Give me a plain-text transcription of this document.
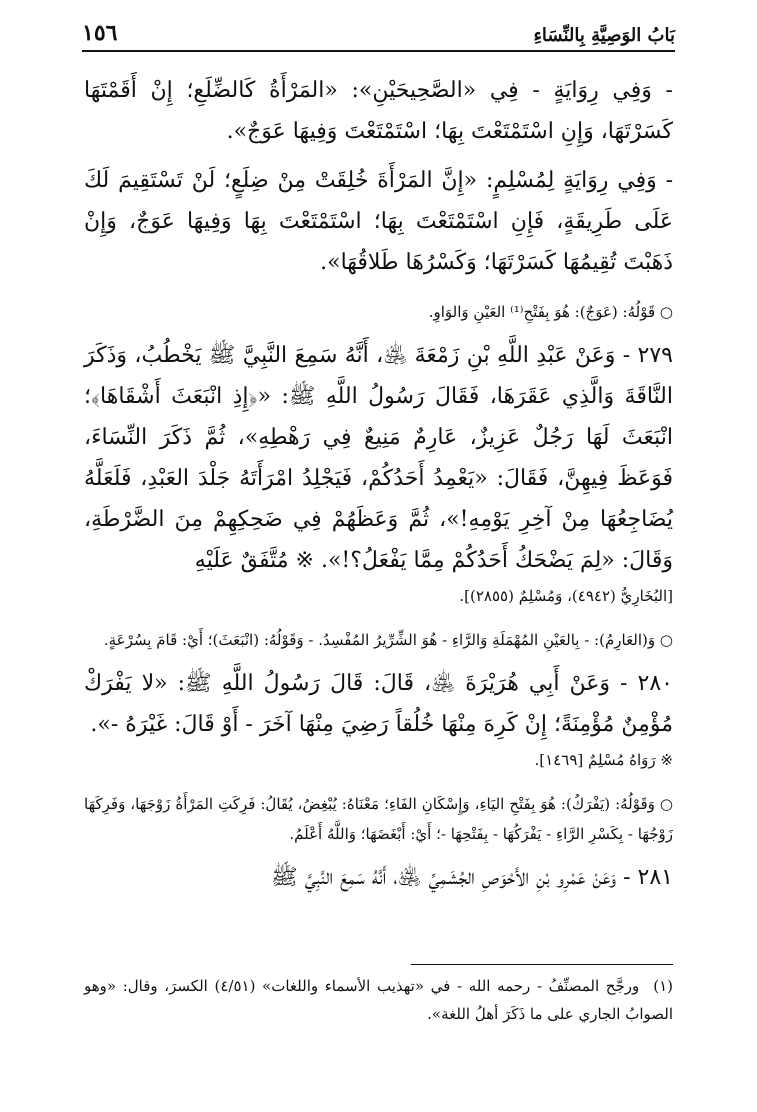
بَابُ الوَصِيَّةِ بِالنِّسَاءِ
١٥٦

- وَفِي رِوَايَةٍ - فِي «الصَّحِيحَيْنِ»: «المَرْأَةُ كَالضِّلَعِ؛ إِنْ أَقَمْتَهَا كَسَرْتَهَا، وَإِنِ اسْتَمْتَعْتَ بِهَا؛ اسْتَمْتَعْتَ وَفِيهَا عَوَجٌ».

- وَفِي رِوَايَةٍ لِمُسْلِمٍ: «إِنَّ المَرْأَةَ خُلِقَتْ مِنْ ضِلَعٍ؛ لَنْ تَسْتَقِيمَ لَكَ عَلَى طَرِيقَةٍ، فَإِنِ اسْتَمْتَعْتَ بِهَا؛ اسْتَمْتَعْتَ بِهَا وَفِيهَا عَوَجٌ، وَإِنْ ذَهَبْتَ تُقِيمُهَا كَسَرْتَهَا؛ وَكَسْرُهَا طَلاقُهَا».

○ قَوْلُهُ: (عَوَجٌ): هُوَ بِفَتْحِ⁽¹⁾ العَيْنِ وَالوَاوِ.

٢٧٩ - وَعَنْ عَبْدِ اللَّهِ بْنِ زَمْعَةَ ﵁، أَنَّهُ سَمِعَ النَّبِيَّ ﷺ يَخْطُبُ، وَذَكَرَ النَّاقَةَ وَالَّذِي عَقَرَهَا، فَقَالَ رَسُولُ اللَّهِ ﷺ: «﴿إِذِ انْبَعَثَ أَشْقَاهَا﴾؛ انْبَعَثَ لَهَا رَجُلٌ عَزِيزٌ، عَارِمٌ مَنِيعٌ فِي رَهْطِهِ»، ثُمَّ ذَكَرَ النِّسَاءَ، فَوَعَظَ فِيهِنَّ، فَقَالَ: «يَعْمِدُ أَحَدُكُمْ، فَيَجْلِدُ امْرَأَتَهُ جَلْدَ العَبْدِ، فَلَعَلَّهُ يُضَاجِعُهَا مِنْ آخِرِ يَوْمِهِ!»، ثُمَّ وَعَظَهُمْ فِي ضَحِكِهِمْ مِنَ الضَّرْطَةِ، وَقَالَ: «لِمَ يَضْحَكُ أَحَدُكُمْ مِمَّا يَفْعَلُ؟!». ※ مُتَّفَقٌ عَلَيْهِ

[البُخَارِيُّ (٤٩٤٢)، وَمُسْلِمٌ (٢٨٥٥)].

○ وَ(العَارِمُ): - بِالعَيْنِ المُهْمَلَةِ وَالرَّاءِ - هُوَ الشِّرِّيرُ المُفْسِدُ. - وَقَوْلُهُ: (انْبَعَثَ)؛ أَيْ: قَامَ بِسُرْعَةٍ.

٢٨٠ - وَعَنْ أَبِي هُرَيْرَةَ ﵁، قَالَ: قَالَ رَسُولُ اللَّهِ ﷺ: «لا يَفْرَكْ مُؤْمِنٌ مُؤْمِنَةً؛ إِنْ كَرِهَ مِنْهَا خُلُقاً رَضِيَ مِنْهَا آخَرَ - أَوْ قَالَ: غَيْرَهُ -».

※ رَوَاهُ مُسْلِمٌ [١٤٦٩].

○ وَقَوْلُهُ: (يَفْرَكُ): هُوَ بِفَتْحِ اليَاءِ، وَإِسْكَانِ الفَاءِ؛ مَعْنَاهُ: يُبْغِضُ، يُقَالُ: فَرِكَتِ المَرْأَةُ زَوْجَهَا، وَفَرِكَهَا زَوْجُهَا - بِكَسْرِ الرَّاءِ - يَفْرَكُهَا - بِفَتْحِهَا -؛ أَيْ: أَبْغَضَهَا؛ وَاللَّهُ أَعْلَمُ.

٢٨١ - وَعَنْ عَمْرِو بْنِ الأَحْوَصِ الجُشَمِيِّ ﵁، أَنَّهُ سَمِعَ النَّبِيَّ ﷺ

(١)ورجَّح المصنِّفُ - رحمه الله - في «تهذيب الأسماء واللغات» (٤/٥١) الكسرَ، وقال: «وهو الصوابُ الجاري على ما ذَكَرَ أهلُ اللغة».
